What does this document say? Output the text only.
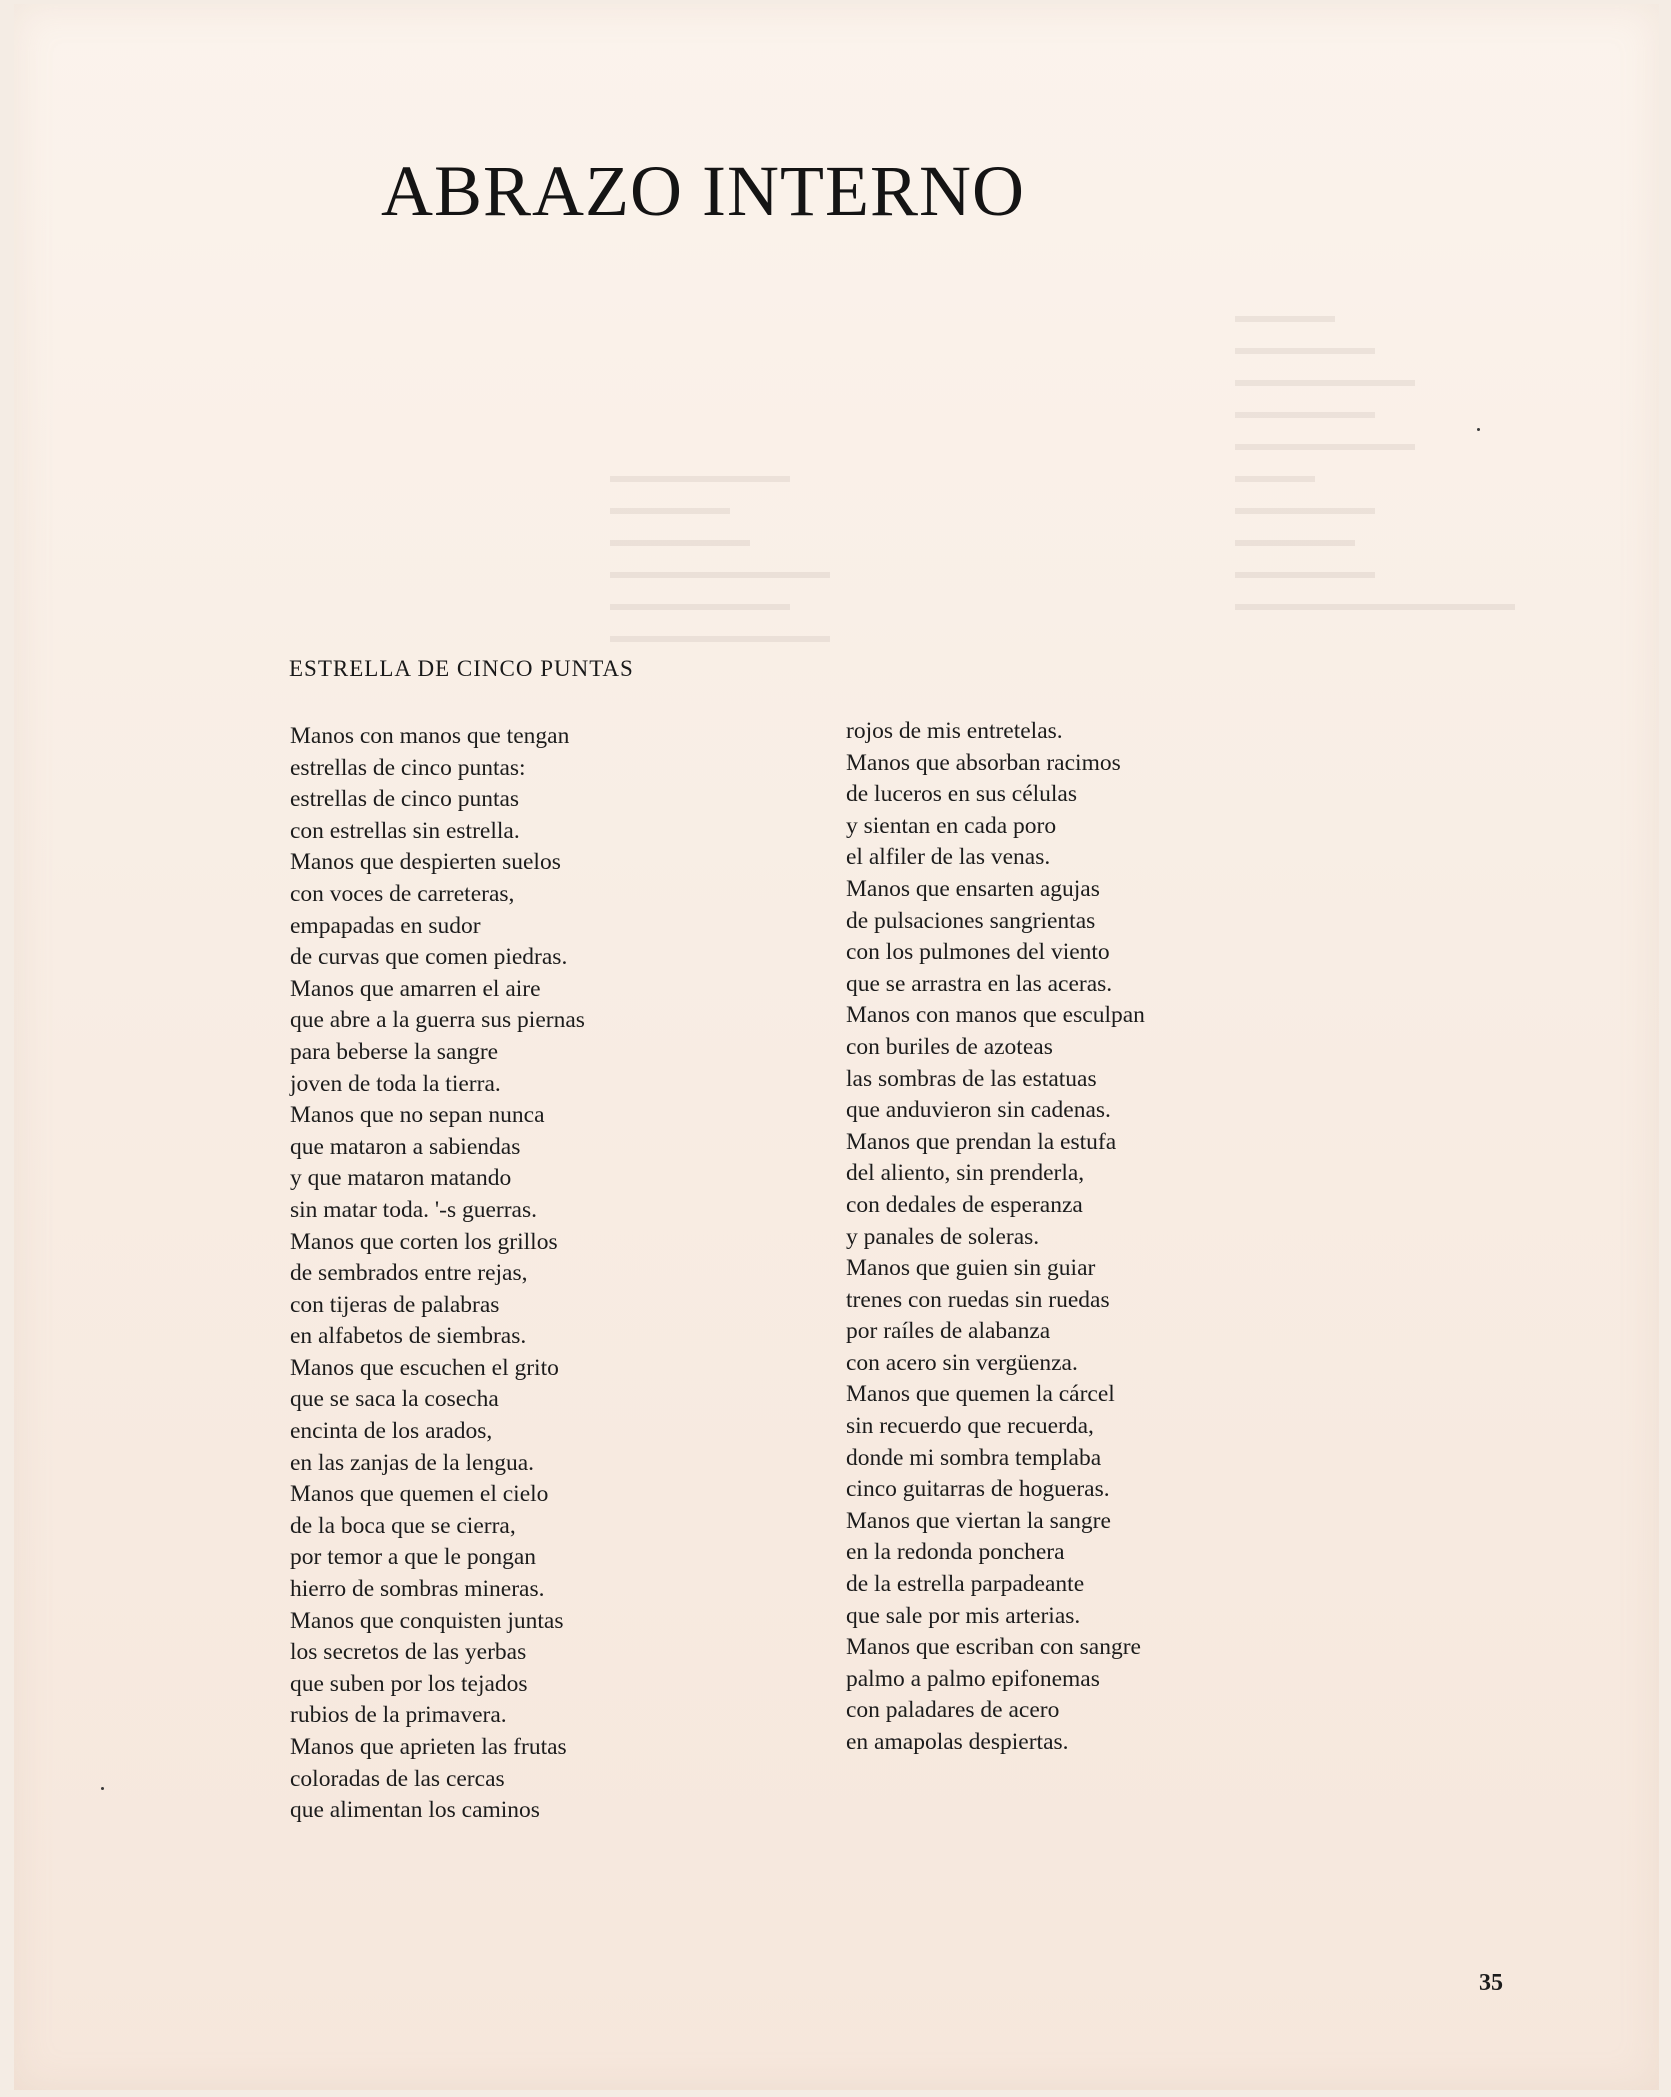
▬▬▬▬▬
▬▬▬▬▬▬▬
▬▬▬▬▬▬▬▬▬
▬▬▬▬▬▬▬
▬▬▬▬▬▬▬▬▬
▬▬▬▬
▬▬▬▬▬▬▬
▬▬▬▬▬▬
▬▬▬▬▬▬▬
▬▬▬▬▬▬▬▬▬▬▬▬▬▬
▬▬▬▬▬▬▬▬▬
▬▬▬▬▬▬
▬▬▬▬▬▬▬
▬▬▬▬▬▬▬▬▬▬▬
▬▬▬▬▬▬▬▬▬
▬▬▬▬▬▬▬▬▬▬▬
ABRAZO INTERNO
ESTRELLA DE CINCO PUNTAS
Manos con manos que tengan
estrellas de cinco puntas:
estrellas de cinco puntas
con estrellas sin estrella.
Manos que despierten suelos
con voces de carreteras,
empapadas en sudor
de curvas que comen piedras.
Manos que amarren el aire
que abre a la guerra sus piernas
para beberse la sangre
joven de toda la tierra.
Manos que no sepan nunca
que mataron a sabiendas
y que mataron matando
sin matar toda. '-s guerras.
Manos que corten los grillos
de sembrados entre rejas,
con tijeras de palabras
en alfabetos de siembras.
Manos que escuchen el grito
que se saca la cosecha
encinta de los arados,
en las zanjas de la lengua.
Manos que quemen el cielo
de la boca que se cierra,
por temor a que le pongan
hierro de sombras mineras.
Manos que conquisten juntas
los secretos de las yerbas
que suben por los tejados
rubios de la primavera.
Manos que aprieten las frutas
coloradas de las cercas
que alimentan los caminos
rojos de mis entretelas.
Manos que absorban racimos
de luceros en sus células
y sientan en cada poro
el alfiler de las venas.
Manos que ensarten agujas
de pulsaciones sangrientas
con los pulmones del viento
que se arrastra en las aceras.
Manos con manos que esculpan
con buriles de azoteas
las sombras de las estatuas
que anduvieron sin cadenas.
Manos que prendan la estufa
del aliento, sin prenderla,
con dedales de esperanza
y panales de soleras.
Manos que guien sin guiar
trenes con ruedas sin ruedas
por raíles de alabanza
con acero sin vergüenza.
Manos que quemen la cárcel
sin recuerdo que recuerda,
donde mi sombra templaba
cinco guitarras de hogueras.
Manos que viertan la sangre
en la redonda ponchera
de la estrella parpadeante
que sale por mis arterias.
Manos que escriban con sangre
palmo a palmo epifonemas
con paladares de acero
en amapolas despiertas.
35
